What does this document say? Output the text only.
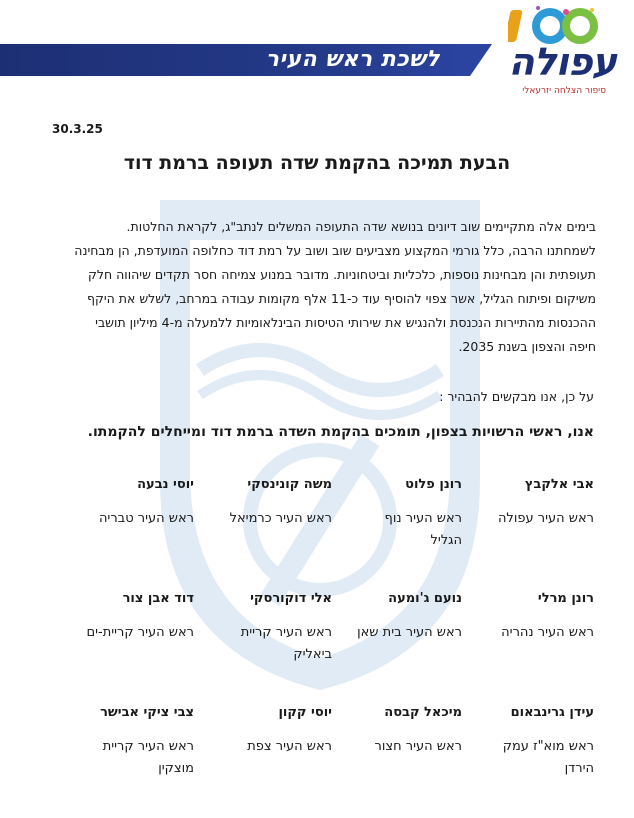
לשכת ראש העיר עפולה
סיפור הצלחה יזרעאלי
30.3.25
הבעת תמיכה בהקמת שדה תעופה ברמת דוד
בימים אלה מתקיימים שוב דיונים בנושא שדה התעופה המשלים לנתב"ג, לקראת החלטות.
לשמחתנו הרבה, כלל גורמי המקצוע מצביעים שוב ושוב על רמת דוד כחלופה המועדפת, הן מבחינה
תעופתית והן מבחינות נוספות, כלכליות וביטחוניות. מדובר במנוע צמיחה חסר תקדים שיהווה חלק
משיקום ופיתוח הגליל, אשר צפוי להוסיף עוד כ-11 אלף מקומות עבודה במרחב, לשלש את היקף
ההכנסות מהתיירות הנכנסת ולהנגיש את שירותי הטיסות הבינלאומיות ללמעלה מ-4 מיליון תושבי
חיפה והצפון בשנת 2035.
על כן, אנו מבקשים להבהיר :
אנו, ראשי הרשויות בצפון, תומכים בהקמת השדה ברמת דוד ומייחלים להקמתו.
אבי אלקבץ
ראש העיר עפולה
רונן פלוט
ראש העיר נוף הגליל
משה קונינסקי
ראש העיר כרמיאל
יוסי נבעה
ראש העיר טבריה
רונן מרלי
ראש העיר נהריה
נועם ג'ומעה
ראש העיר בית שאן
אלי דוקורסקי
ראש העיר קריית ביאליק
דוד אבן צור
ראש העיר קריית-ים
עידן גרינבאום
ראש מוא"ז עמק הירדן
מיכאל קבסה
ראש העיר חצור
יוסי קקון
ראש העיר צפת
צבי ציקי אבישר
ראש העיר קריית מוצקין
